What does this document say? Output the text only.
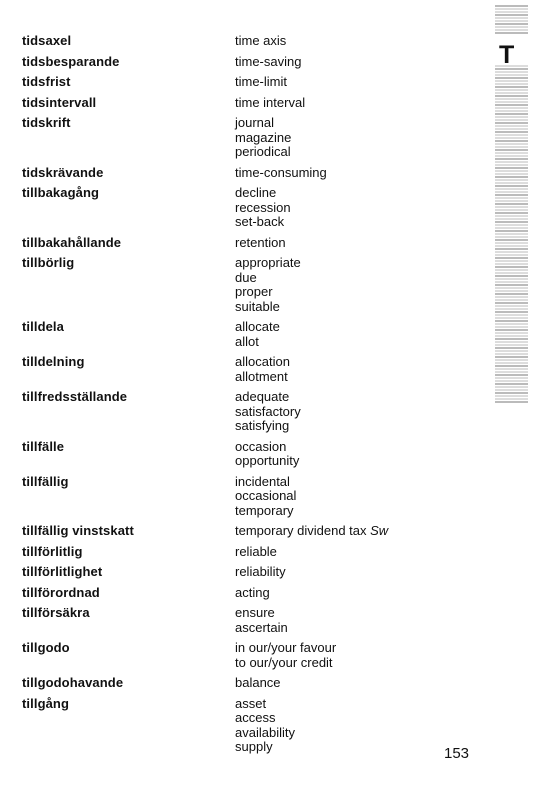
tidsaxel	time axis
tidsbesparande	time-saving
tidsfrist	time-limit
tidsintervall	time interval
tidskrift	journal
magazine
periodical
tidskrävande	time-consuming
tillbakagång	decline
recession
set-back
tillbakahållande	retention
tillbörlig	appropriate
due
proper
suitable
tilldela	allocate
allot
tilldelning	allocation
allotment
tillfredsställande	adequate
satisfactory
satisfying
tillfälle	occasion
opportunity
tillfällig	incidental
occasional
temporary
tillfällig vinstskatt	temporary dividend tax Sw
tillförlitlig	reliable
tillförlitlighet	reliability
tillförordnad	acting
tillförsäkra	ensure
ascertain
tillgodo	in our/your favour
to our/your credit
tillgodohavande	balance
tillgång	asset
access
availability
supply
T
153
